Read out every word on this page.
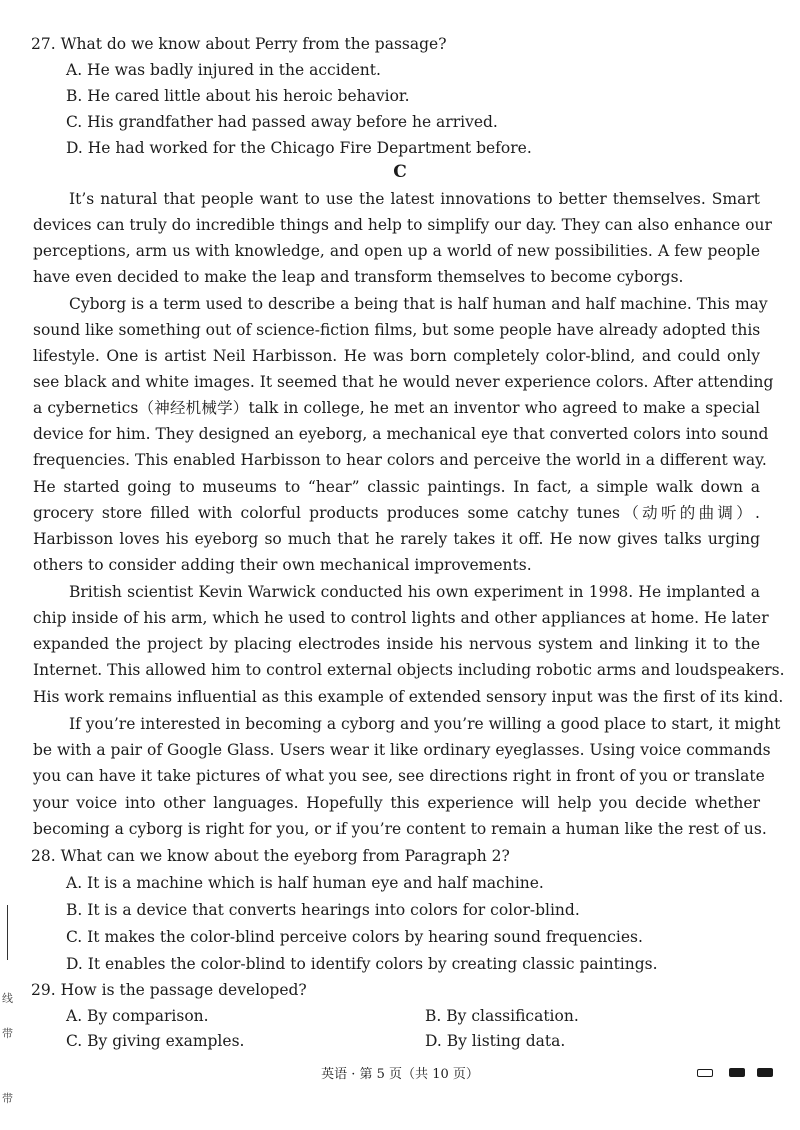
27. What do we know about Perry from the passage?
A. He was badly injured in the accident.
B. He cared little about his heroic behavior.
C. His grandfather had passed away before he arrived.
D. He had worked for the Chicago Fire Department before.
C
It’s natural that people want to use the latest innovations to better themselves. Smart
devices can truly do incredible things and help to simplify our day. They can also enhance our
perceptions, arm us with knowledge, and open up a world of new possibilities. A few people
have even decided to make the leap and transform themselves to become cyborgs.
Cyborg is a term used to describe a being that is half human and half machine. This may
sound like something out of science-fiction films, but some people have already adopted this
lifestyle. One is artist Neil Harbisson. He was born completely color-blind, and could only
see black and white images. It seemed that he would never experience colors. After attending
a cybernetics（神经机械学）talk in college, he met an inventor who agreed to make a special
device for him. They designed an eyeborg, a mechanical eye that converted colors into sound
frequencies. This enabled Harbisson to hear colors and perceive the world in a different way.
He started going to museums to “hear” classic paintings. In fact, a simple walk down a
grocery store filled with colorful products produces some catchy tunes（动听的曲调）.
Harbisson loves his eyeborg so much that he rarely takes it off. He now gives talks urging
others to consider adding their own mechanical improvements.
British scientist Kevin Warwick conducted his own experiment in 1998. He implanted a
chip inside of his arm, which he used to control lights and other appliances at home. He later
expanded the project by placing electrodes inside his nervous system and linking it to the
Internet. This allowed him to control external objects including robotic arms and loudspeakers.
His work remains influential as this example of extended sensory input was the first of its kind.
If you’re interested in becoming a cyborg and you’re willing a good place to start, it might
be with a pair of Google Glass. Users wear it like ordinary eyeglasses. Using voice commands
you can have it take pictures of what you see, see directions right in front of you or translate
your voice into other languages. Hopefully this experience will help you decide whether
becoming a cyborg is right for you, or if you’re content to remain a human like the rest of us.
28. What can we know about the eyeborg from Paragraph 2?
A. It is a machine which is half human eye and half machine.
B. It is a device that converts hearings into colors for color-blind.
C. It makes the color-blind perceive colors by hearing sound frequencies.
D. It enables the color-blind to identify colors by creating classic paintings.
29. How is the passage developed?
A. By comparison.	B. By classification.
C. By giving examples.	D. By listing data.
英语 · 第 5 页（共 10 页）
线
带
带
